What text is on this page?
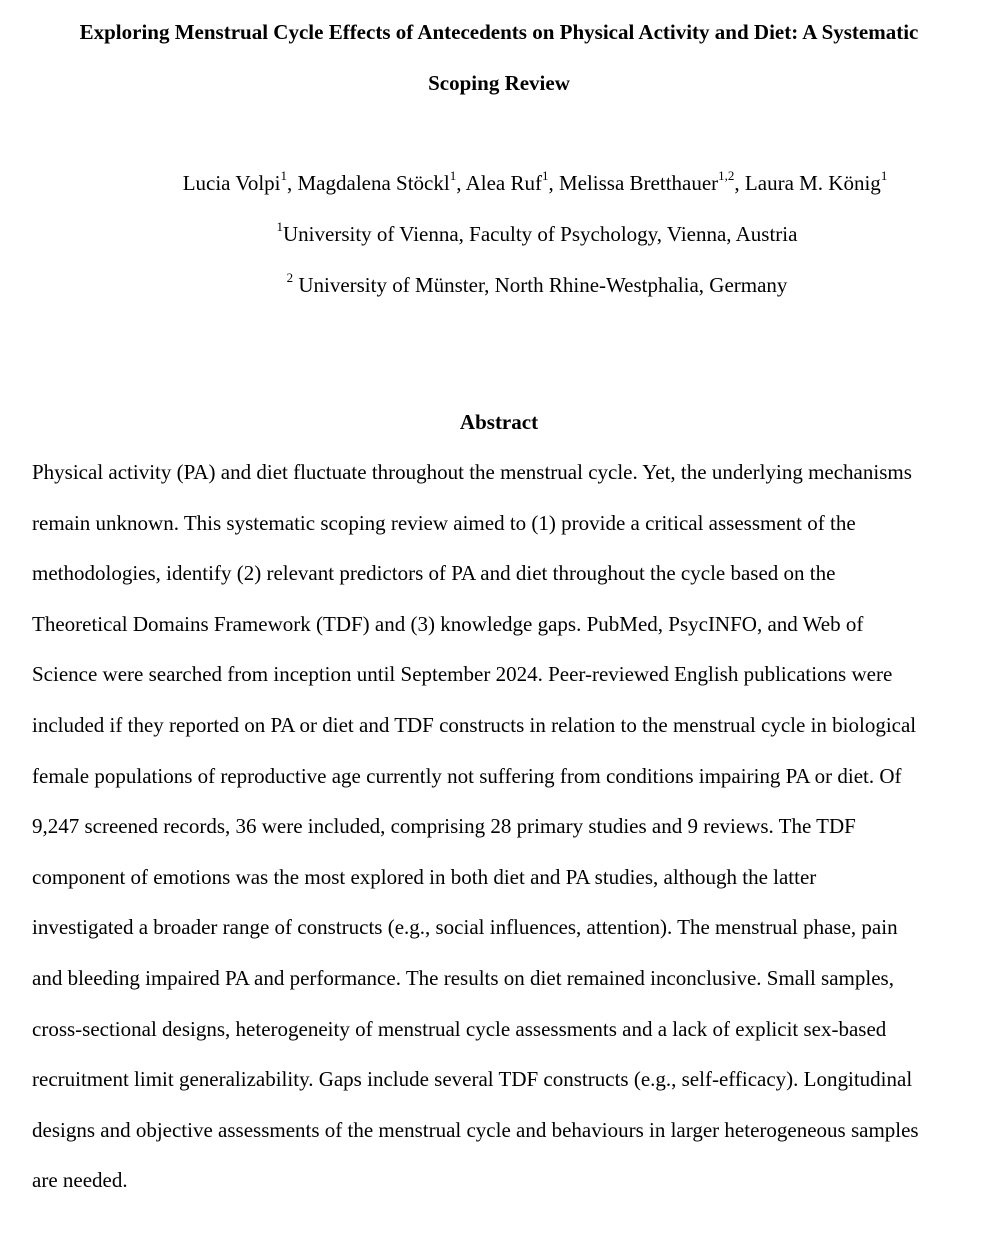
Exploring Menstrual Cycle Effects of Antecedents on Physical Activity and Diet: A Systematic
Scoping Review
Lucia Volpi$^1$, Magdalena Stöckl$^1$, Alea Ruf$^1$, Melissa Bretthauer$^{1,2}$, Laura M. König$^1$
$^1$University of Vienna, Faculty of Psychology, Vienna, Austria
$^2$ University of Münster, North Rhine-Westphalia, Germany
Abstract
Physical activity (PA) and diet fluctuate throughout the menstrual cycle. Yet, the underlying mechanisms
remain unknown. This systematic scoping review aimed to (1) provide a critical assessment of the
methodologies, identify (2) relevant predictors of PA and diet throughout the cycle based on the
Theoretical Domains Framework (TDF) and (3) knowledge gaps. PubMed, PsycINFO, and Web of
Science were searched from inception until September 2024. Peer-reviewed English publications were
included if they reported on PA or diet and TDF constructs in relation to the menstrual cycle in biological
female populations of reproductive age currently not suffering from conditions impairing PA or diet. Of
9,247 screened records, 36 were included, comprising 28 primary studies and 9 reviews. The TDF
component of emotions was the most explored in both diet and PA studies, although the latter
investigated a broader range of constructs (e.g., social influences, attention). The menstrual phase, pain
and bleeding impaired PA and performance. The results on diet remained inconclusive. Small samples,
cross-sectional designs, heterogeneity of menstrual cycle assessments and a lack of explicit sex-based
recruitment limit generalizability. Gaps include several TDF constructs (e.g., self-efficacy). Longitudinal
designs and objective assessments of the menstrual cycle and behaviours in larger heterogeneous samples
are needed.
